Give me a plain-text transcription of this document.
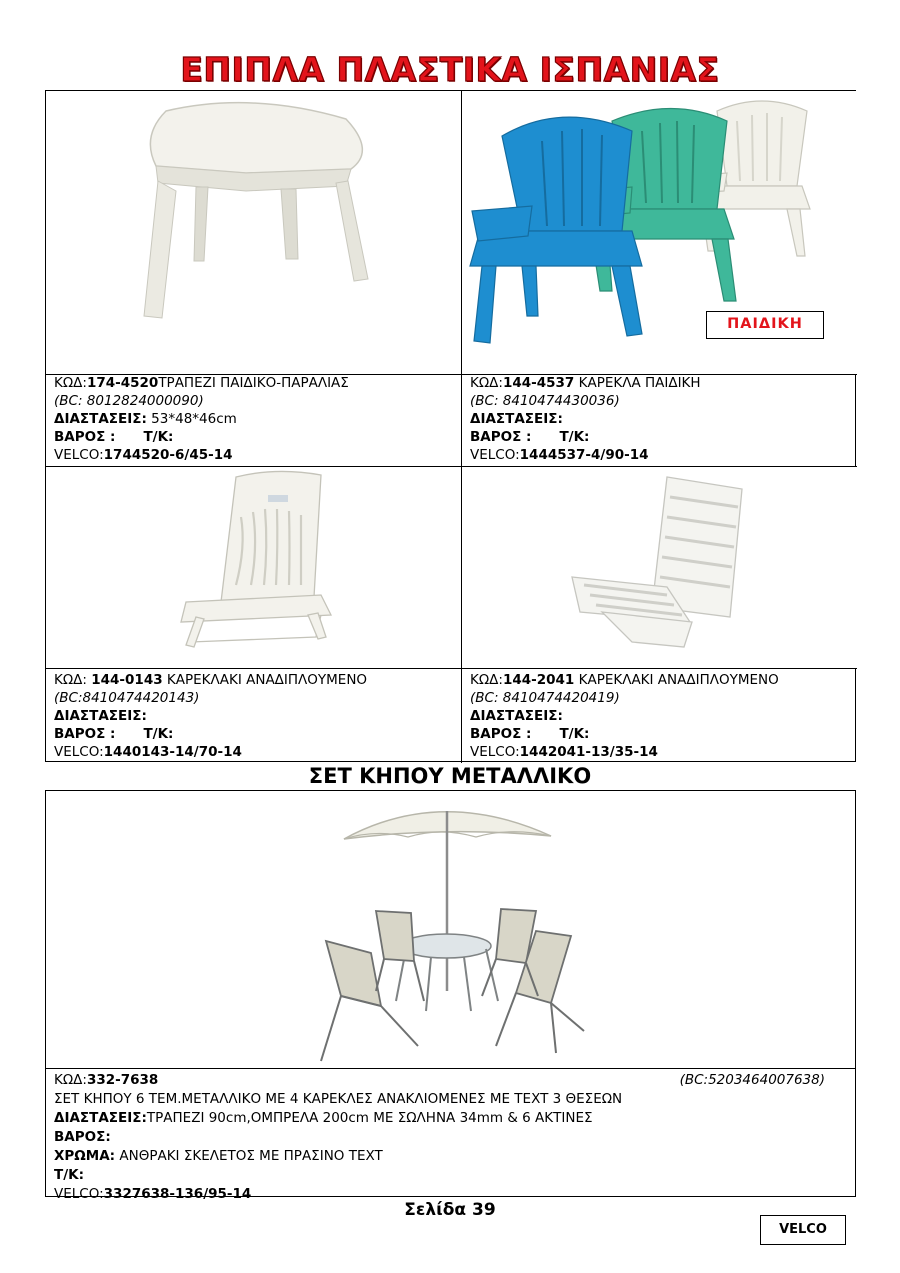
ΕΠΙΠΛΑ ΠΛΑΣΤΙΚΑ ΙΣΠΑΝΙΑΣ
ΚΩΔ:174-4520ΤΡΑΠΕΖΙ ΠΑΙΔΙΚΟ-ΠΑΡΑΛΙΑΣ
(BC: 8012824000090)
ΔΙΑΣΤΑΣΕΙΣ: 53*48*46cm
ΒΑΡΟΣ : T/K:
VELCO:1744520-6/45-14
ΚΩΔ:144-4537 ΚΑΡΕΚΛΑ ΠΑΙΔΙΚΗ
(BC: 8410474430036)
ΔΙΑΣΤΑΣΕΙΣ:
ΒΑΡΟΣ : T/K:
VELCO:1444537-4/90-14
ΚΩΔ: 144-0143 ΚΑΡΕΚΛΑΚΙ ΑΝΑΔΙΠΛΟΥΜΕΝΟ
(BC:8410474420143)
ΔΙΑΣΤΑΣΕΙΣ:
ΒΑΡΟΣ : T/K:
VELCO:1440143-14/70-14
ΚΩΔ:144-2041 ΚΑΡΕΚΛΑΚΙ ΑΝΑΔΙΠΛΟΥΜΕΝΟ
(BC: 8410474420419)
ΔΙΑΣΤΑΣΕΙΣ:
ΒΑΡΟΣ : T/K:
VELCO:1442041-13/35-14
ΠΑΙΔΙΚΗ
ΣΕΤ ΚΗΠΟΥ ΜΕΤΑΛΛΙΚΟ
ΚΩΔ:332-7638	(BC:5203464007638)
ΣΕΤ ΚΗΠΟΥ 6 ΤΕΜ.ΜΕΤΑΛΛΙΚΟ ΜΕ 4 ΚΑΡΕΚΛΕΣ ΑΝΑΚΛΙΟΜΕΝΕΣ ΜΕ TEXT 3 ΘΕΣΕΩΝ
ΔΙΑΣΤΑΣΕΙΣ:ΤΡΑΠΕΖΙ 90cm,ΟΜΠΡΕΛΑ 200cm ΜΕ ΣΩΛΗΝΑ 34mm & 6 ΑΚΤΙΝΕΣ
ΒΑΡΟΣ:
ΧΡΩΜΑ: ΑΝΘΡΑΚΙ ΣΚΕΛΕΤΟΣ ΜΕ ΠΡΑΣΙΝΟ TEXT
T/K:
VELCO:3327638-136/95-14
Σελίδα 39
VELCO
